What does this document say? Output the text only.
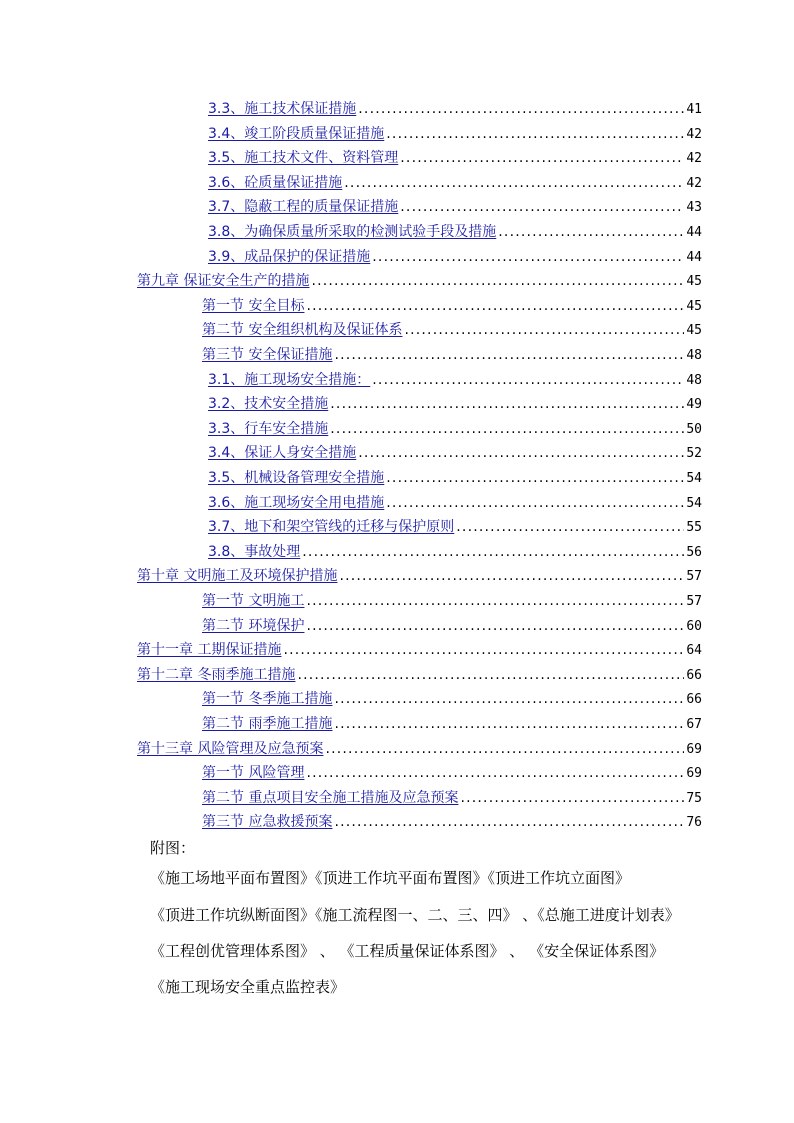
3.3、施工技术保证措施 .....	41
3.4、竣工阶段质量保证措施 .....	42
3.5、施工技术文件、资料管理 .....	42
3.6、砼质量保证措施 .....	42
3.7、隐蔽工程的质量保证措施 .....	43
3.8、为确保质量所采取的检测试验手段及措施 .....	44
3.9、成品保护的保证措施 .....	44
第九章 保证安全生产的措施 .....	45
第一节 安全目标 .....	45
第二节 安全组织机构及保证体系 .....	45
第三节 安全保证措施 .....	48
3.1、施工现场安全措施： .....	48
3.2、技术安全措施 .....	49
3.3、行车安全措施 .....	50
3.4、保证人身安全措施 .....	52
3.5、机械设备管理安全措施 .....	54
3.6、施工现场安全用电措施 .....	54
3.7、地下和架空管线的迁移与保护原则 .....	55
3.8、事故处理 .....	56
第十章 文明施工及环境保护措施 .....	57
第一节 文明施工 .....	57
第二节 环境保护 .....	60
第十一章 工期保证措施 .....	64
第十二章 冬雨季施工措施 .....	66
第一节 冬季施工措施 .....	66
第二节 雨季施工措施 .....	67
第十三章 风险管理及应急预案 .....	69
第一节 风险管理 .....	69
第二节 重点项目安全施工措施及应急预案 .....	75
第三节 应急救援预案 .....	76
附图：
《施工场地平面布置图》《顶进工作坑平面布置图》《顶进工作坑立面图》
《顶进工作坑纵断面图》《施工流程图一、二、三、四》 、《总施工进度计划表》
《工程创优管理体系图》 、 《工程质量保证体系图》 、 《安全保证体系图》
《施工现场安全重点监控表》
